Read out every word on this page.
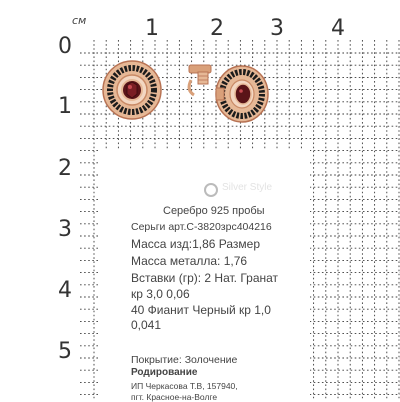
см	1 2 3 4
0
1
2
3
4
5
Silver Style
Серебро 925 пробы
Серьги арт.С-3820зрс404216
Масса изд:1,86 Размер
Масса металла: 1,76
Вставки (гр): 2 Нат. Гранат
кр 3,0 0,06
40 Фианит Черный кр 1,0
0,041
Покрытие: Золочение
Родирование
ИП Черкасова Т.В, 157940,
пгт. Красное-на-Волге
